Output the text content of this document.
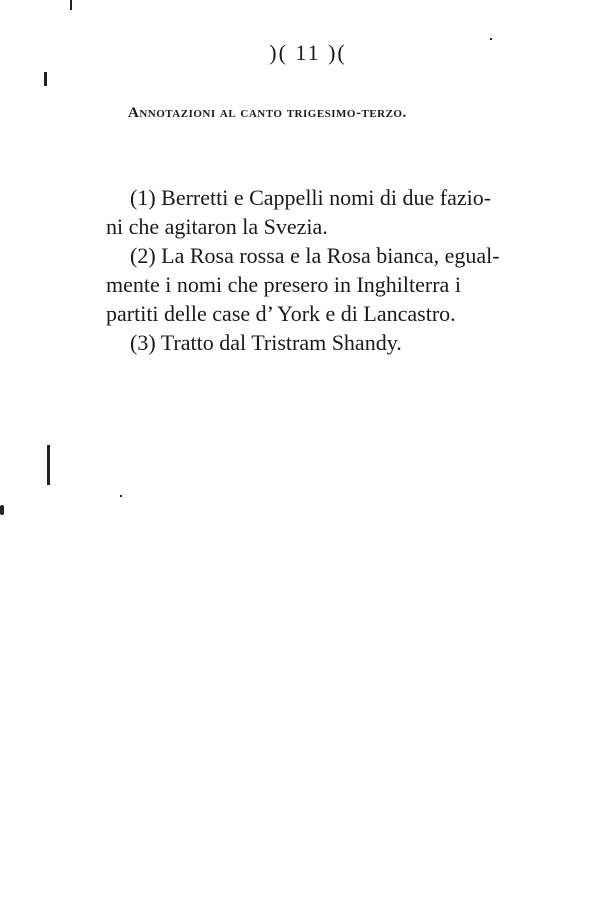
)( 11 )(
Annotazioni al canto trigesimo-terzo.
(1) Berretti e Cappelli nomi di due fazio-
ni che agitaron la Svezia.
(2) La Rosa rossa e la Rosa bianca, egual-
mente i nomi che presero in Inghilterra i
partiti delle case d’ York e di Lancastro.
(3) Tratto dal Tristram Shandy.
